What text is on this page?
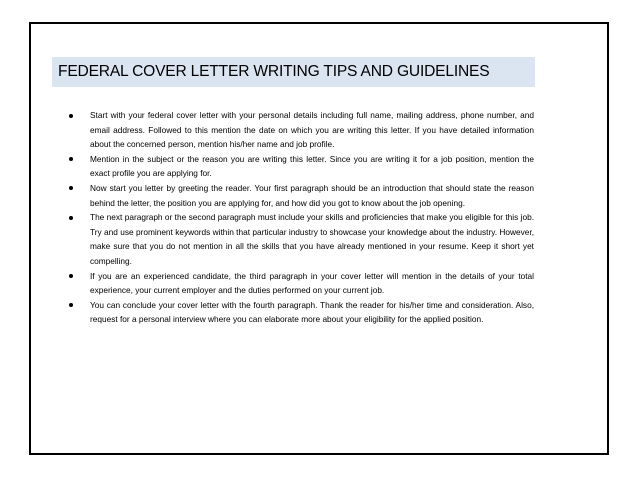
FEDERAL COVER LETTER WRITING TIPS AND GUIDELINES
Start with your federal cover letter with your personal details including full name, mailing address, phone number, and email address. Followed to this mention the date on which you are writing this letter. If you have detailed information about the concerned person, mention his/her name and job profile.
Mention in the subject or the reason you are writing this letter. Since you are writing it for a job position, mention the exact profile you are applying for.
Now start you letter by greeting the reader. Your first paragraph should be an introduction that should state the reason behind the letter, the position you are applying for, and how did you got to know about the job opening.
The next paragraph or the second paragraph must include your skills and proficiencies that make you eligible for this job. Try and use prominent keywords within that particular industry to showcase your knowledge about the industry. However, make sure that you do not mention in all the skills that you have already mentioned in your resume. Keep it short yet compelling.
If you are an experienced candidate, the third paragraph in your cover letter will mention in the details of your total experience, your current employer and the duties performed on your current job.
You can conclude your cover letter with the fourth paragraph. Thank the reader for his/her time and consideration. Also, request for a personal interview where you can elaborate more about your eligibility for the applied position.
